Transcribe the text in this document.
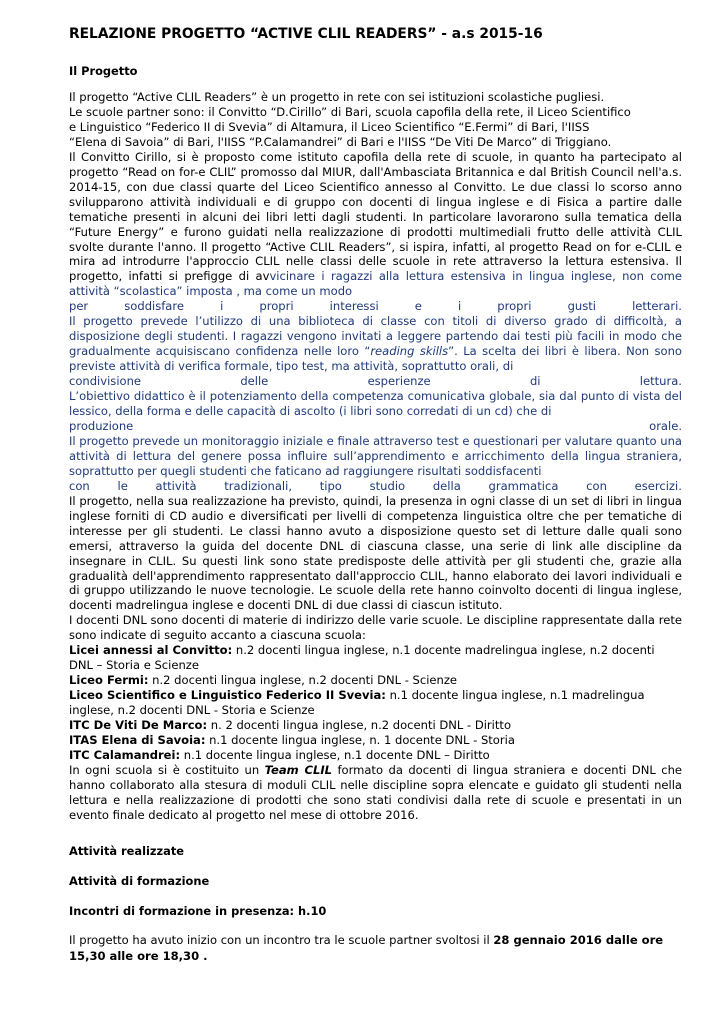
RELAZIONE PROGETTO “ACTIVE CLIL READERS” - a.s 2015-16

Il Progetto

Il progetto “Active CLIL Readers” è un progetto in rete con sei istituzioni scolastiche pugliesi.

Le scuole partner sono: il Convitto “D.Cirillo” di Bari, scuola capofila della rete, il Liceo Scientifico

e Linguistico “Federico II di Svevia” di Altamura, il Liceo Scientifico “E.Fermi” di Bari, l'IISS

“Elena di Savoia” di Bari, l'IISS “P.Calamandrei” di Bari e l'IISS “De Viti De Marco” di Triggiano.

Il Convitto Cirillo, si è proposto come istituto capofila della rete di scuole, in quanto ha partecipato al progetto “Read on for-e CLIL” promosso dal MIUR, dall'Ambasciata Britannica e dal British Council nell'a.s. 2014-15, con due classi quarte del Liceo Scientifico annesso al Convitto. Le due classi lo scorso anno svilupparono attività individuali e di gruppo con docenti di lingua inglese e di Fisica a partire dalle tematiche presenti in alcuni dei libri letti dagli studenti. In particolare lavorarono sulla tematica della “Future Energy” e furono guidati nella realizzazione di prodotti multimediali frutto delle attività CLIL svolte durante l'anno. Il progetto “Active CLIL Readers”, si ispira, infatti, al progetto Read on for e-CLIL e mira ad introdurre l'approccio CLIL nelle classi delle scuole in rete attraverso la lettura estensiva. Il progetto, infatti si prefigge di avvicinare i ragazzi alla lettura estensiva in lingua inglese, non come attività “scolastica” imposta , ma come un modo

per	soddisfare	i	propri	interessi	e	i	propri	gusti	letterari.

Il progetto prevede l’utilizzo di una biblioteca di classe con titoli di diverso grado di difficoltà, a disposizione degli studenti. I ragazzi vengono invitati a leggere partendo dai testi più facili in modo che gradualmente acquisiscano confidenza nelle loro “reading skills”. La scelta dei libri è libera. Non sono previste attività di verifica formale, tipo test, ma attività, soprattutto orali, di

condivisione	delle	esperienze	di	lettura.

L’obiettivo didattico è il potenziamento della competenza comunicativa globale, sia dal punto di vista del lessico, della forma e delle capacità di ascolto (i libri sono corredati di un cd) che di

produzione	orale.

Il progetto prevede un monitoraggio iniziale e finale attraverso test e questionari per valutare quanto una attività di lettura del genere possa influire sull’apprendimento e arricchimento della lingua straniera, soprattutto per quegli studenti che faticano ad raggiungere risultati soddisfacenti

con le attività tradizionali, tipo studio della grammatica con esercizi.

Il progetto, nella sua realizzazione ha previsto, quindi, la presenza in ogni classe di un set di libri in lingua inglese forniti di CD audio e diversificati per livelli di competenza linguistica oltre che per tematiche di interesse per gli studenti. Le classi hanno avuto a disposizione questo set di letture dalle quali sono emersi, attraverso la guida del docente DNL di ciascuna classe, una serie di link alle discipline da insegnare in CLIL. Su questi link sono state predisposte delle attività per gli studenti che, grazie alla gradualità dell'apprendimento rappresentato dall'approccio CLIL, hanno elaborato dei lavori individuali e di gruppo utilizzando le nuove tecnologie. Le scuole della rete hanno coinvolto docenti di lingua inglese, docenti madrelingua inglese e docenti DNL di due classi di ciascun istituto.

I docenti DNL sono docenti di materie di indirizzo delle varie scuole. Le discipline rappresentate dalla rete sono indicate di seguito accanto a ciascuna scuola:

Licei annessi al Convitto: n.2 docenti lingua inglese, n.1 docente madrelingua inglese, n.2 docenti DNL – Storia e Scienze

Liceo Fermi: n.2 docenti lingua inglese, n.2 docenti DNL - Scienze

Liceo Scientifico e Linguistico Federico II Svevia: n.1 docente lingua inglese, n.1 madrelingua inglese, n.2 docenti DNL - Storia e Scienze

ITC De Viti De Marco: n. 2 docenti lingua inglese, n.2 docenti DNL - Diritto

ITAS Elena di Savoia: n.1 docente lingua inglese, n. 1 docente DNL - Storia

ITC Calamandrei: n.1 docente lingua inglese, n.1 docente DNL – Diritto

In ogni scuola si è costituito un Team CLIL formato da docenti di lingua straniera e docenti DNL che hanno collaborato alla stesura di moduli CLIL nelle discipline sopra elencate e guidato gli studenti nella lettura e nella realizzazione di prodotti che sono stati condivisi dalla rete di scuole e presentati in un evento finale dedicato al progetto nel mese di ottobre 2016.

Attività realizzate

Attività di formazione

Incontri di formazione in presenza: h.10

Il progetto ha avuto inizio con un incontro tra le scuole partner svoltosi il 28 gennaio 2016 dalle ore 15,30 alle ore 18,30 .
